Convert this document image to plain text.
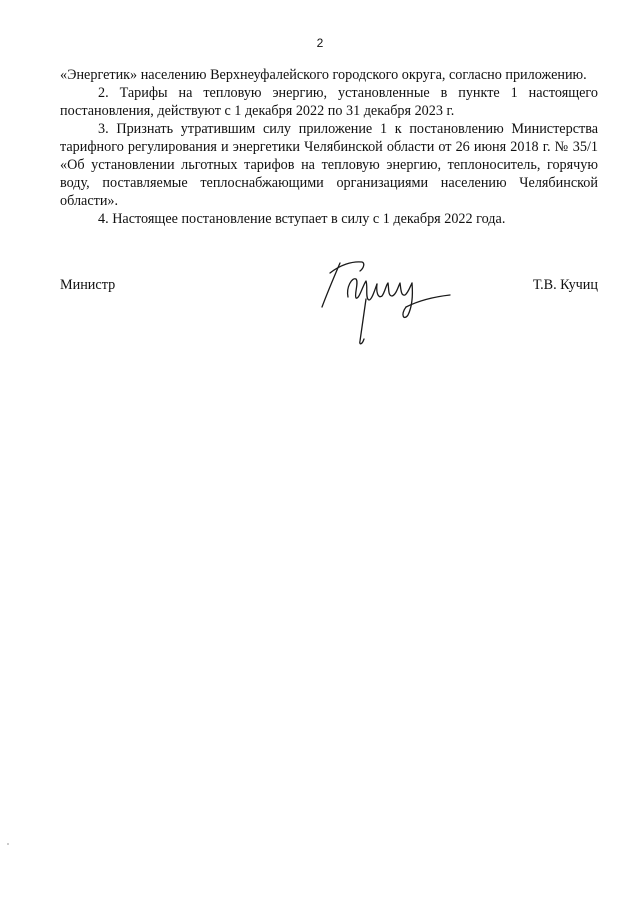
2

«Энергетик» населению Верхнеуфалейского городского округа, согласно приложению.

2. Тарифы на тепловую энергию, установленные в пункте 1 настоящего постановления, действуют с 1 декабря 2022 по 31 декабря 2023 г.

3. Признать утратившим силу приложение 1 к постановлению Министерства тарифного регулирования и энергетики Челябинской области от 26 июня 2018 г. № 35/1 «Об установлении льготных тарифов на тепловую энергию, теплоноситель, горячую воду, поставляемые теплоснабжающими организациями населению Челябинской области».

4. Настоящее постановление вступает в силу с 1 декабря 2022 года.

Министр	Т.В. Кучиц
